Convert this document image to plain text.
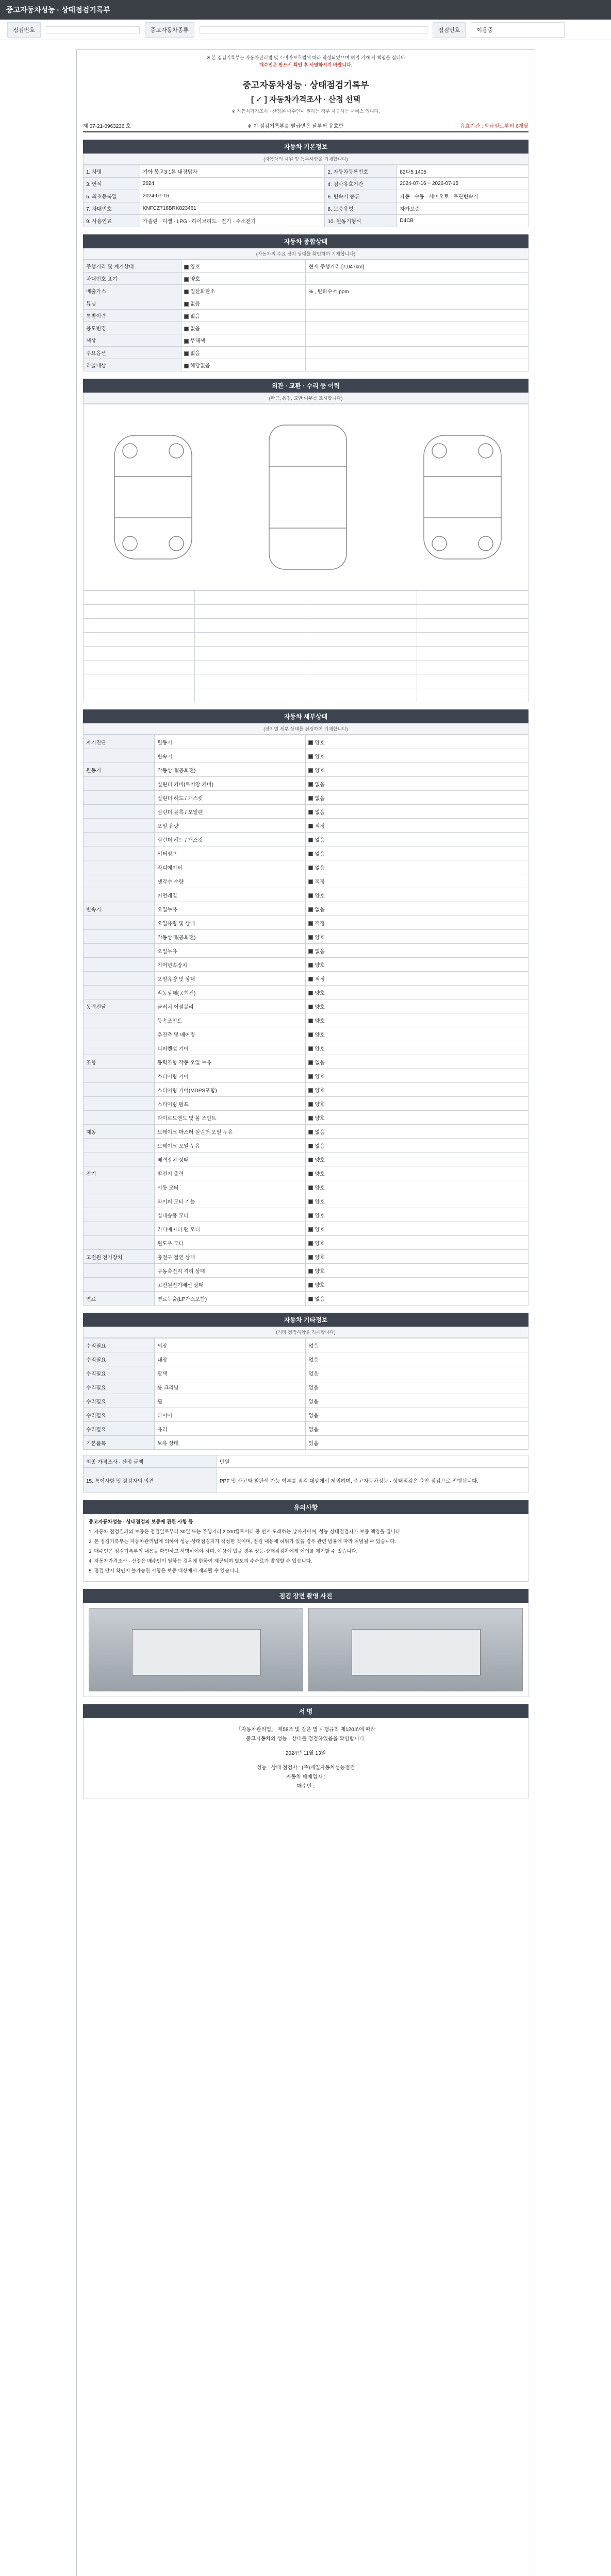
중고자동차성능 · 상태점검기록부
점검번호	중고자동차종류	점검번호	이용중
※ 본 점검기록부는 자동차관리법 및 소비자보호법에 따라 작성되었으며 허위 기재 시 책임을 집니다
매수인은 반드시 확인 후 서명하시기 바랍니다.
중고자동차성능 · 상태점검기록부
[ ✓ ] 자동차가격조사 · 산정 선택
※ 자동차가격조사 · 산정은 매수인이 원하는 경우 제공하는 서비스 입니다.
제 07-21-0963236 호	※ 이 점검기록부를 발급받은 날부터 유효함	유효기간 : 발급일로부터 6개월
자동차 기본정보
(자동차의 제원 및 등록사항을 기재합니다)
1. 차명	기아 봉고3 1톤 내장탑차	2. 자동차등록번호	82다5 1405
3. 연식	2024	4. 검사유효기간	2024-07-16 ~ 2026-07-15
5. 최초등록일	2024-07-16	6. 변속기 종류	자동 · 수동 · 세미오토 · 무단변속기
7. 차대번호	KNFCZ718BRK823461	8. 보증유형	자가보증
9. 사용연료	가솔린 · 디젤 · LPG · 하이브리드 · 전기 · 수소전기	10. 원동기형식	D4CB
자동차 종합상태
(자동차의 주요 장치 상태를 확인하여 기재합니다)
주행거리 및 계기상태	양호	현재 주행거리 [7,047km]
차대번호 표기	양호	
배출가스	일산화탄소	% , 탄화수소 ppm
튜닝	없음	
특별이력	없음	
용도변경	없음	
색상	무채색	
주요옵션	없음	
리콜대상	해당없음	
외관 · 교환 · 수리 등 이력
(판금, 용접, 교환 여부를 표시합니다)

자동차 세부상태
(장치별 세부 상태를 점검하여 기재합니다)
자기진단	원동기	양호
	변속기	양호
원동기	작동상태(공회전)	양호
	실린더 커버(로커암 커버)	없음
	실린더 헤드 / 개스킷	없음
	실린더 블록 / 오일팬	없음
	오일 유량	적정
	실린더 헤드 / 개스킷	없음
	워터펌프	없음
	라디에이터	없음
	냉각수 수량	적정
	커먼레일	양호
변속기	오일누유	없음
	오일유량 및 상태	적정
	작동상태(공회전)	양호
	오일누유	없음
	기어변속장치	양호
	오일유량 및 상태	적정
	작동상태(공회전)	양호
동력전달	클러치 어셈블리	양호
	등속조인트	양호
	추진축 및 베어링	양호
	디퍼렌셜 기어	양호
조향	동력조향 작동 오일 누유	없음
	스티어링 기어	양호
	스티어링 기어(MDPS포함)	양호
	스티어링 펌프	양호
	타이로드엔드 및 볼 조인트	양호
제동	브레이크 마스터 실린더 오일 누유	없음
	브레이크 오일 누유	없음
	배력장치 상태	양호
전기	발전기 출력	양호
	시동 모터	양호
	와이퍼 모터 기능	양호
	실내송풍 모터	양호
	라디에이터 팬 모터	양호
	윈도우 모터	양호
고전원 전기장치	충전구 절연 상태	양호
	구동축전지 격리 상태	양호
	고전원전기배선 상태	양호
연료	연료누출(LP가스포함)	없음
자동차 기타정보
(기타 점검사항을 기재합니다)
수리필요	외장	없음
수리필요	내장	없음
수리필요	광택	없음
수리필요	룸 크리닝	없음
수리필요	휠	없음
수리필요	타이어	없음
수리필요	유리	없음
기본품목	보유 상태	있음
최종 가격조사 · 산정 금액	만원
15. 특이사항 및 점검자의 의견	PPF 및 사고와 철판색 가능 여부를 점검 대상에서 제외하며, 중고자동차성능 · 상태점검은 육안 점검으로 진행됩니다.
유의사항

중고자동차성능 · 상태점검의 보증에 관한 사항 등

1. 자동차 점검결과의 보증은 점검일로부터 30일 또는 주행거리 2,000킬로미터 중 먼저 도래하는 날까지이며, 성능·상태점검자가 보증 책임을 집니다.

2. 본 점검기록부는 자동차관리법에 의하여 성능·상태점검자가 작성한 것이며, 점검 내용에 허위가 있을 경우 관련 법률에 따라 처벌될 수 있습니다.

3. 매수인은 점검기록부의 내용을 확인하고 서명하여야 하며, 이상이 있을 경우 성능·상태점검자에게 이의를 제기할 수 있습니다.

4. 자동차가격조사 · 산정은 매수인이 원하는 경우에 한하여 제공되며 별도의 수수료가 발생할 수 있습니다.

5. 점검 당시 확인이 불가능한 사항은 보증 대상에서 제외될 수 있습니다.

점검 장면 촬영 사진
서 명
「자동차관리법」 제58조 및 같은 법 시행규칙 제120조에 따라
중고자동차의 성능 · 상태를 점검하였음을 확인합니다.
2024년 11월 13일
성능 · 상태 점검자 : (주)제일자동차성능점검
자동차 매매업자 :
매수인 :
